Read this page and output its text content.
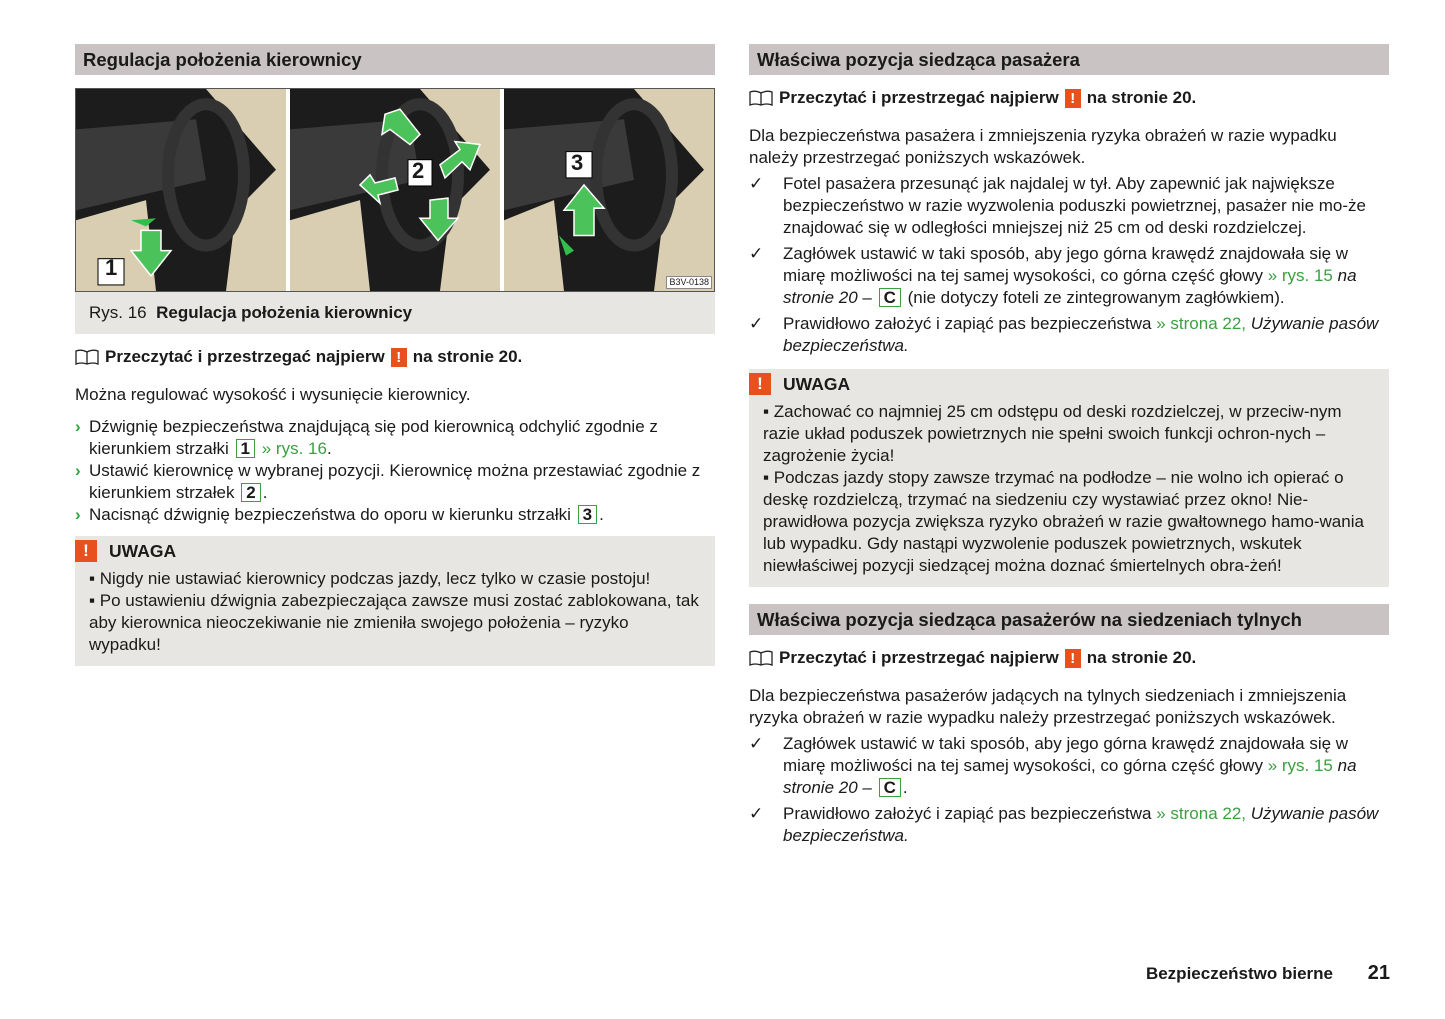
Regulacja położenia kierownicy
1
2	3
B3V-0138
Rys. 16 Regulacja położenia kierownicy
Przeczytać i przestrzegać najpierw ! na stronie 20.
Można regulować wysokość i wysunięcie kierownicy.
› Dźwignię bezpieczeństwa znajdującą się pod kierownicą odchylić zgodnie z kierunkiem strzałki 1 » rys. 16.
› Ustawić kierownicę w wybranej pozycji. Kierownicę można przestawiać zgodnie z kierunkiem strzałek 2 .
› Nacisnąć dźwignię bezpieczeństwa do oporu w kierunku strzałki 3 .
!	UWAGA

▪ Nigdy nie ustawiać kierownicy podczas jazdy, lecz tylko w czasie postoju!

▪ Po ustawieniu dźwignia zabezpieczająca zawsze musi zostać zablokowana, tak aby kierownica nieoczekiwanie nie zmieniła swojego położenia – ryzyko wypadku!

Właściwa pozycja siedząca pasażera
Przeczytać i przestrzegać najpierw ! na stronie 20.
Dla bezpieczeństwa pasażera i zmniejszenia ryzyka obrażeń w razie wypadku należy przestrzegać poniższych wskazówek.
✓ Fotel pasażera przesunąć jak najdalej w tył. Aby zapewnić jak największe bezpieczeństwo w razie wyzwolenia poduszki powietrznej, pasażer nie mo-że znajdować się w odległości mniejszej niż 25 cm od deski rozdzielczej.
✓ Zagłówek ustawić w taki sposób, aby jego górna krawędź znajdowała się w miarę możliwości na tej samej wysokości, co górna część głowy » rys. 15 na stronie 20 – C (nie dotyczy foteli ze zintegrowanym zagłówkiem).
✓ Prawidłowo założyć i zapiąć pas bezpieczeństwa » strona 22, Używanie pasów bezpieczeństwa.
!	UWAGA

▪ Zachować co najmniej 25 cm odstępu od deski rozdzielczej, w przeciw-nym razie układ poduszek powietrznych nie spełni swoich funkcji ochron-nych – zagrożenie życia!

▪ Podczas jazdy stopy zawsze trzymać na podłodze – nie wolno ich opierać o deskę rozdzielczą, trzymać na siedzeniu czy wystawiać przez okno! Nie-prawidłowa pozycja zwiększa ryzyko obrażeń w razie gwałtownego hamo-wania lub wypadku. Gdy nastąpi wyzwolenie poduszek powietrznych, wskutek niewłaściwej pozycji siedzącej można doznać śmiertelnych obra-żeń!

Właściwa pozycja siedząca pasażerów na siedzeniach tylnych
Przeczytać i przestrzegać najpierw ! na stronie 20.
Dla bezpieczeństwa pasażerów jadących na tylnych siedzeniach i zmniejszenia ryzyka obrażeń w razie wypadku należy przestrzegać poniższych wskazówek.
✓ Zagłówek ustawić w taki sposób, aby jego górna krawędź znajdowała się w miarę możliwości na tej samej wysokości, co górna część głowy » rys. 15 na stronie 20 – C .
✓ Prawidłowo założyć i zapiąć pas bezpieczeństwa » strona 22, Używanie pasów bezpieczeństwa.
Bezpieczeństwo bierne 21
